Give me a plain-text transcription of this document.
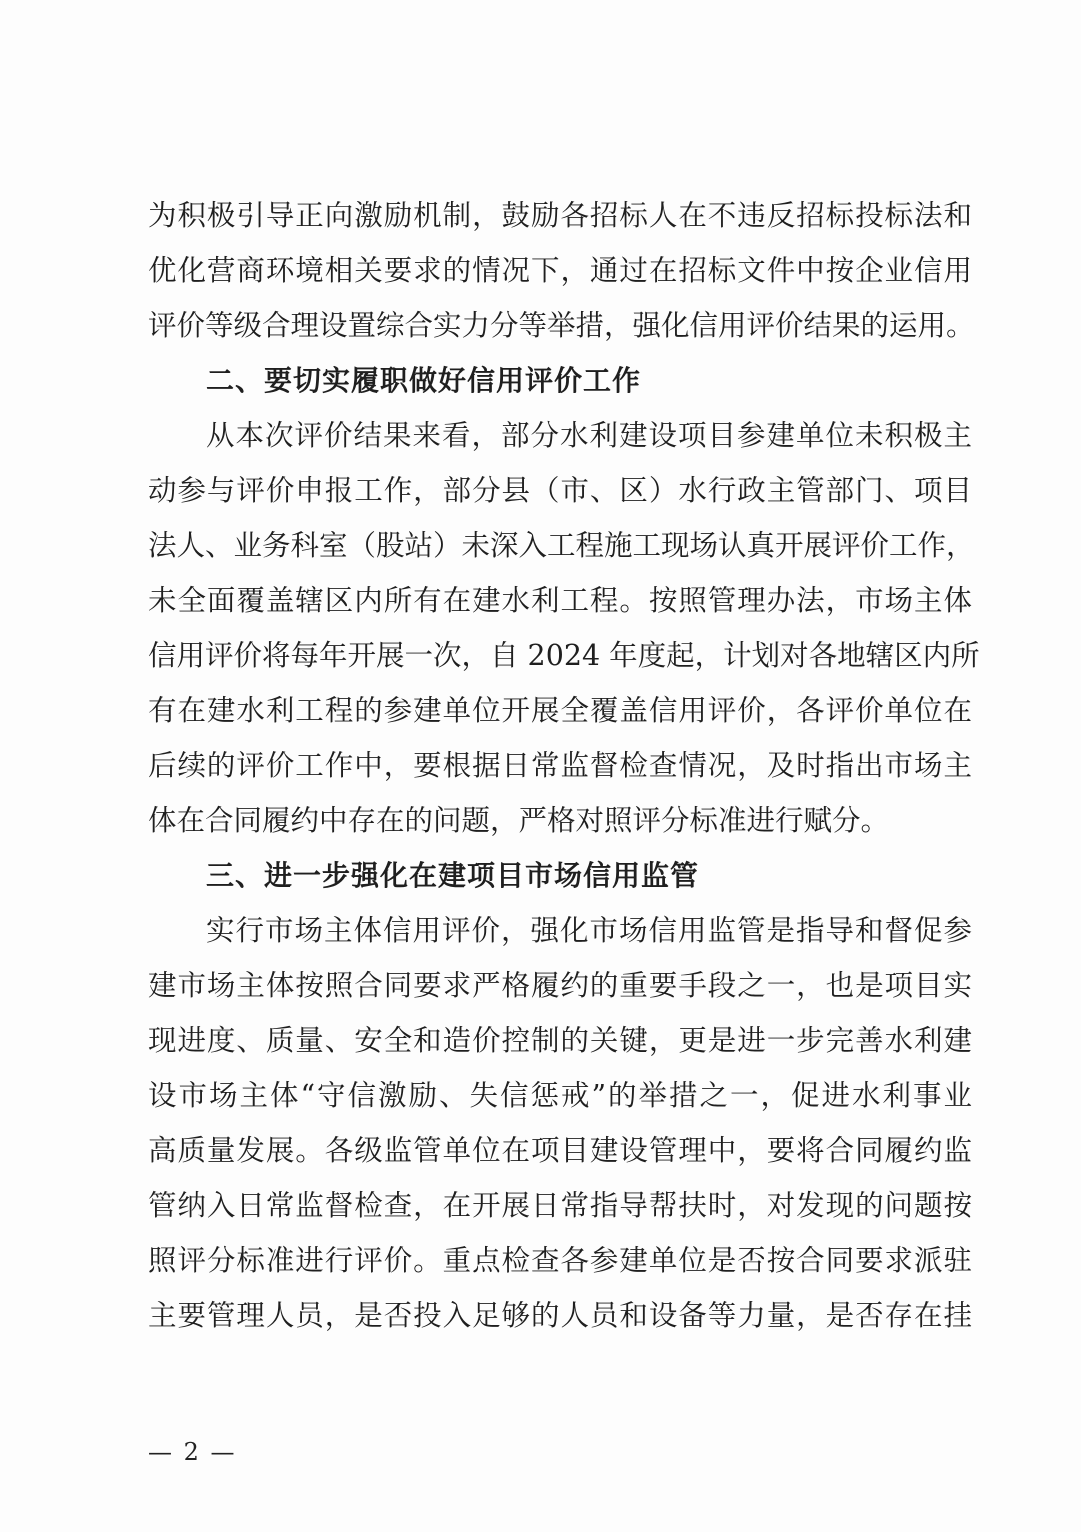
为积极引导正向激励机制，鼓励各招标人在不违反招标投标法和
优化营商环境相关要求的情况下，通过在招标文件中按企业信用
评价等级合理设置综合实力分等举措，强化信用评价结果的运用。
二、要切实履职做好信用评价工作
从本次评价结果来看，部分水利建设项目参建单位未积极主
动参与评价申报工作，部分县（市、区）水行政主管部门、项目
法人、业务科室（股站）未深入工程施工现场认真开展评价工作，
未全面覆盖辖区内所有在建水利工程。按照管理办法，市场主体
信用评价将每年开展一次，自 2024 年度起，计划对各地辖区内所
有在建水利工程的参建单位开展全覆盖信用评价，各评价单位在
后续的评价工作中，要根据日常监督检查情况，及时指出市场主
体在合同履约中存在的问题，严格对照评分标准进行赋分。
三、进一步强化在建项目市场信用监管
实行市场主体信用评价，强化市场信用监管是指导和督促参
建市场主体按照合同要求严格履约的重要手段之一，也是项目实
现进度、质量、安全和造价控制的关键，更是进一步完善水利建
设市场主体“守信激励、失信惩戒”的举措之一，促进水利事业
高质量发展。各级监管单位在项目建设管理中，要将合同履约监
管纳入日常监督检查，在开展日常指导帮扶时，对发现的问题按
照评分标准进行评价。重点检查各参建单位是否按合同要求派驻
主要管理人员，是否投入足够的人员和设备等力量，是否存在挂
— 2 —
